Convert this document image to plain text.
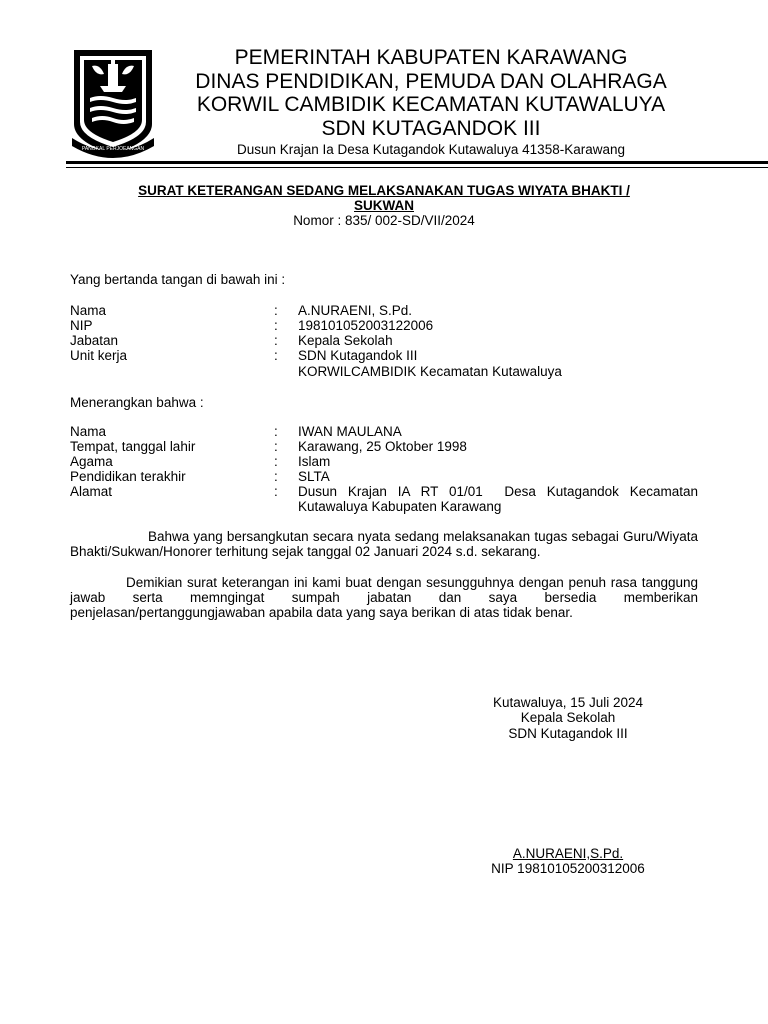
PANGKAL PERJOEANGAN
PEMERINTAH KABUPATEN KARAWANG
DINAS PENDIDIKAN, PEMUDA DAN OLAHRAGA
KORWIL CAMBIDIK KECAMATAN KUTAWALUYA
SDN KUTAGANDOK III
Dusun Krajan Ia Desa Kutagandok Kutawaluya 41358-Karawang
SURAT KETERANGAN SEDANG MELAKSANAKAN TUGAS WIYATA BHAKTI /
SUKWAN
Nomor : 835/ 002-SD/VII/2024
Yang bertanda tangan di bawah ini :
Nama	: A.NURAENI, S.Pd.
NIP	: 198101052003122006
Jabatan	: Kepala Sekolah
Unit kerja	: SDN Kutagandok III
KORWILCAMBIDIK Kecamatan Kutawaluya
Menerangkan bahwa :
Nama	: IWAN MAULANA
Tempat, tanggal lahir	: Karawang, 25 Oktober 1998
Agama	: Islam
Pendidikan terakhir	: SLTA
Alamat	: Dusun Krajan IA RT 01/01  Desa Kutagandok Kecamatan
Kutawaluya Kabupaten Karawang
Bahwa yang bersangkutan secara nyata sedang melaksanakan tugas sebagai Guru/Wiyata Bhakti/Sukwan/Honorer terhitung sejak tanggal 02 Januari 2024 s.d. sekarang.
Demikian surat keterangan ini kami buat dengan sesungguhnya dengan penuh rasa tanggung jawab serta memngingat sumpah jabatan dan saya bersedia memberikan penjelasan/pertanggungjawaban apabila data yang saya berikan di atas tidak benar.
Kutawaluya, 15 Juli 2024
Kepala Sekolah
SDN Kutagandok III
A.NURAENI,S.Pd.
NIP 19810105200312006
